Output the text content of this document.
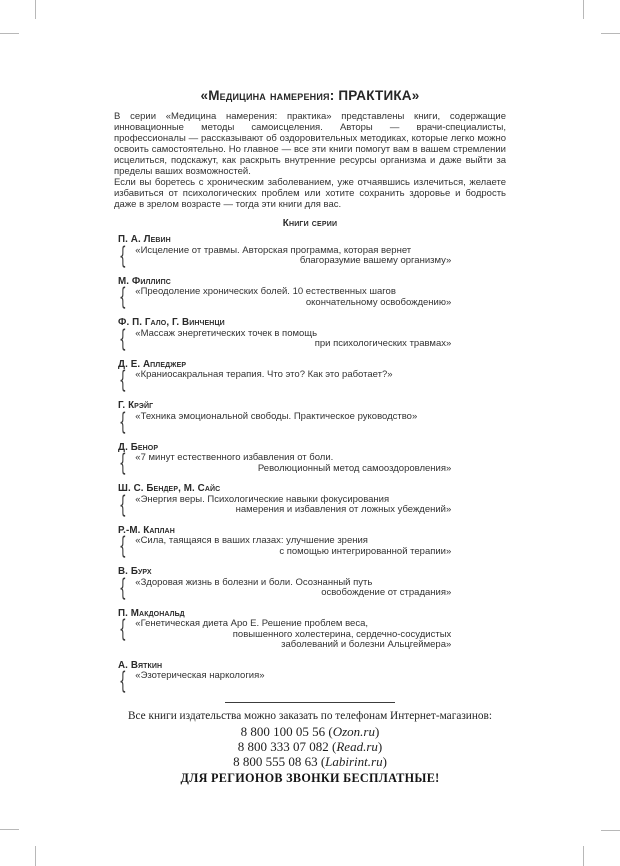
«Медицина намерения: ПРАКТИКА»

В серии «Медицина намерения: практика» представлены книги, содержащие инновационные методы самоисцеления. Авторы — врачи-специалисты, профессионалы — рассказывают об оздоровительных методиках, которые легко можно освоить самостоятельно. Но главное — все эти книги помогут вам в вашем стремлении исцелиться, подскажут, как раскрыть внутренние ресурсы организма и даже выйти за пределы ваших возможностей.

Если вы боретесь с хроническим заболеванием, уже отчаявшись излечиться, желаете избавиться от психологических проблем или хотите сохранить здоровье и бодрость даже в зрелом возрасте — тогда эти книги для вас.

Книги серии
П. А. Левин
{ «Исцеление от травмы. Авторская программа, которая вернет
благоразумие вашему организму»
М. Филлипс
{ «Преодоление хронических болей. 10 естественных шагов
окончательному освобождению»
Ф. П. Гало, Г. Винченци
{ «Массаж энергетических точек в помощь
при психологических травмах»
Д. Е. Апледжер
{ «Краниосакральная терапия. Что это? Как это работает?»
Г. Крэйг
{ «Техника эмоциональной свободы. Практическое руководство»
Д. Бенор
{ «7 минут естественного избавления от боли.
Революционный метод самооздоровления»
Ш. С. Бендер, М. Сайс
{ «Энергия веры. Психологические навыки фокусирования
намерения и избавления от ложных убеждений»
Р.-М. Каплан
{ «Сила, таящаяся в ваших глазах: улучшение зрения
с помощью интегрированной терапии»
В. Бурх
{ «Здоровая жизнь в болезни и боли. Осознанный путь
освобождение от страдания»
П. Макдональд
{ «Генетическая диета Apo E. Решение проблем веса,
повышенного холестерина, сердечно-сосудистых
заболеваний и болезни Альцгеймера»
А. Вяткин
{ «Эзотерическая наркология»

Все книги издательства можно заказать по телефонам Интернет-магазинов:

8 800 100 05 56 (Ozon.ru)
8 800 333 07 082 (Read.ru)
8 800 555 08 63 (Labirint.ru)

ДЛЯ РЕГИОНОВ ЗВОНКИ БЕСПЛАТНЫЕ!
